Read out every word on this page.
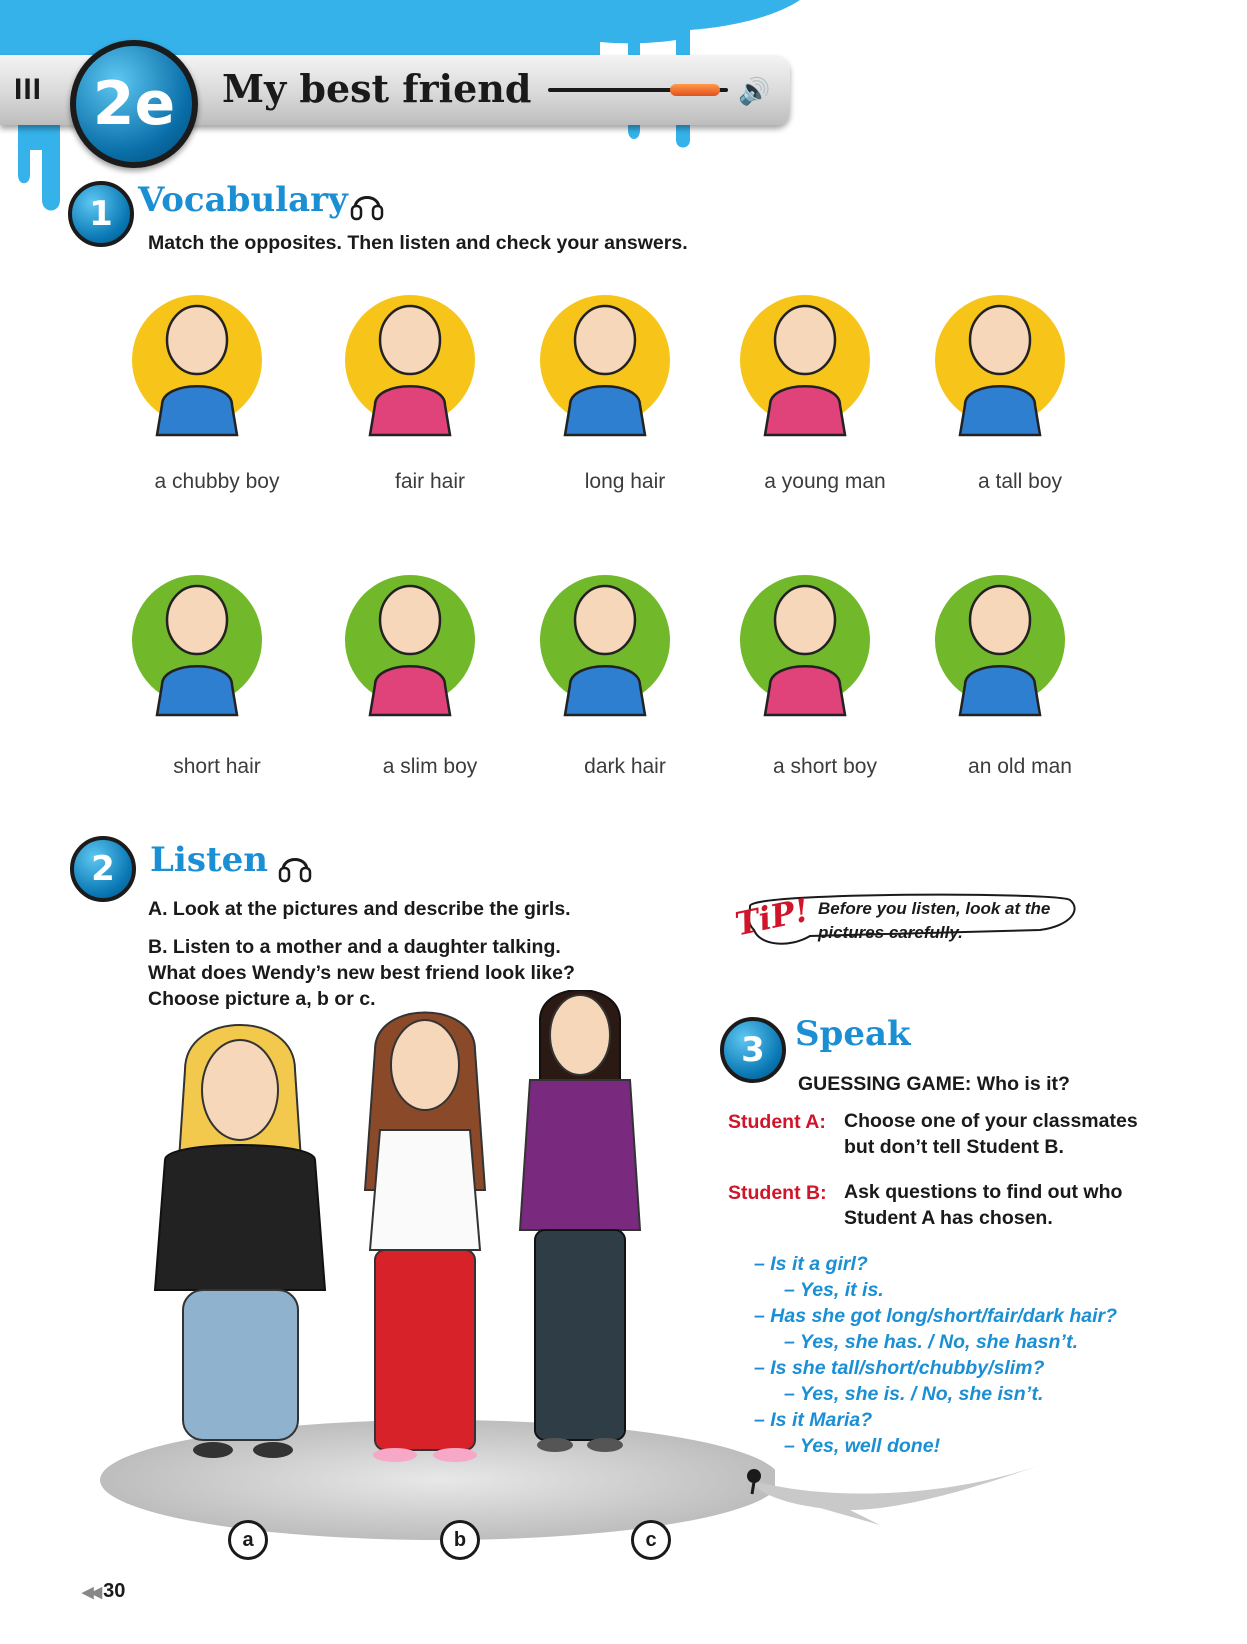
III 2e	My best friend	🔊
1 Vocabulary
Match the opposites. Then listen and check your answers.
a chubby boy	fair hair	long hair	a young man	a tall boy
short hair	a slim boy	dark hair	a short boy	an old man
2	Listen
A. Look at the pictures and describe the girls.
B. Listen to a mother and a daughter talking.
What does Wendy’s new best friend look like?
Choose picture a, b or c.
a	b	c
TiP! Before you listen, look at the pictures carefully.
3 Speak
GUESSING GAME: Who is it?
Student A: Choose one of your classmates
but don’t tell Student B.
Student B: Ask questions to find out who
Student A has chosen.
– Is it a girl?
– Yes, it is.
– Has she got long/short/fair/dark hair?
– Yes, she has. / No, she hasn’t.
– Is she tall/short/chubby/slim?
– Yes, she is. / No, she isn’t.
– Is it Maria?
– Yes, well done!
◀◀ 30
